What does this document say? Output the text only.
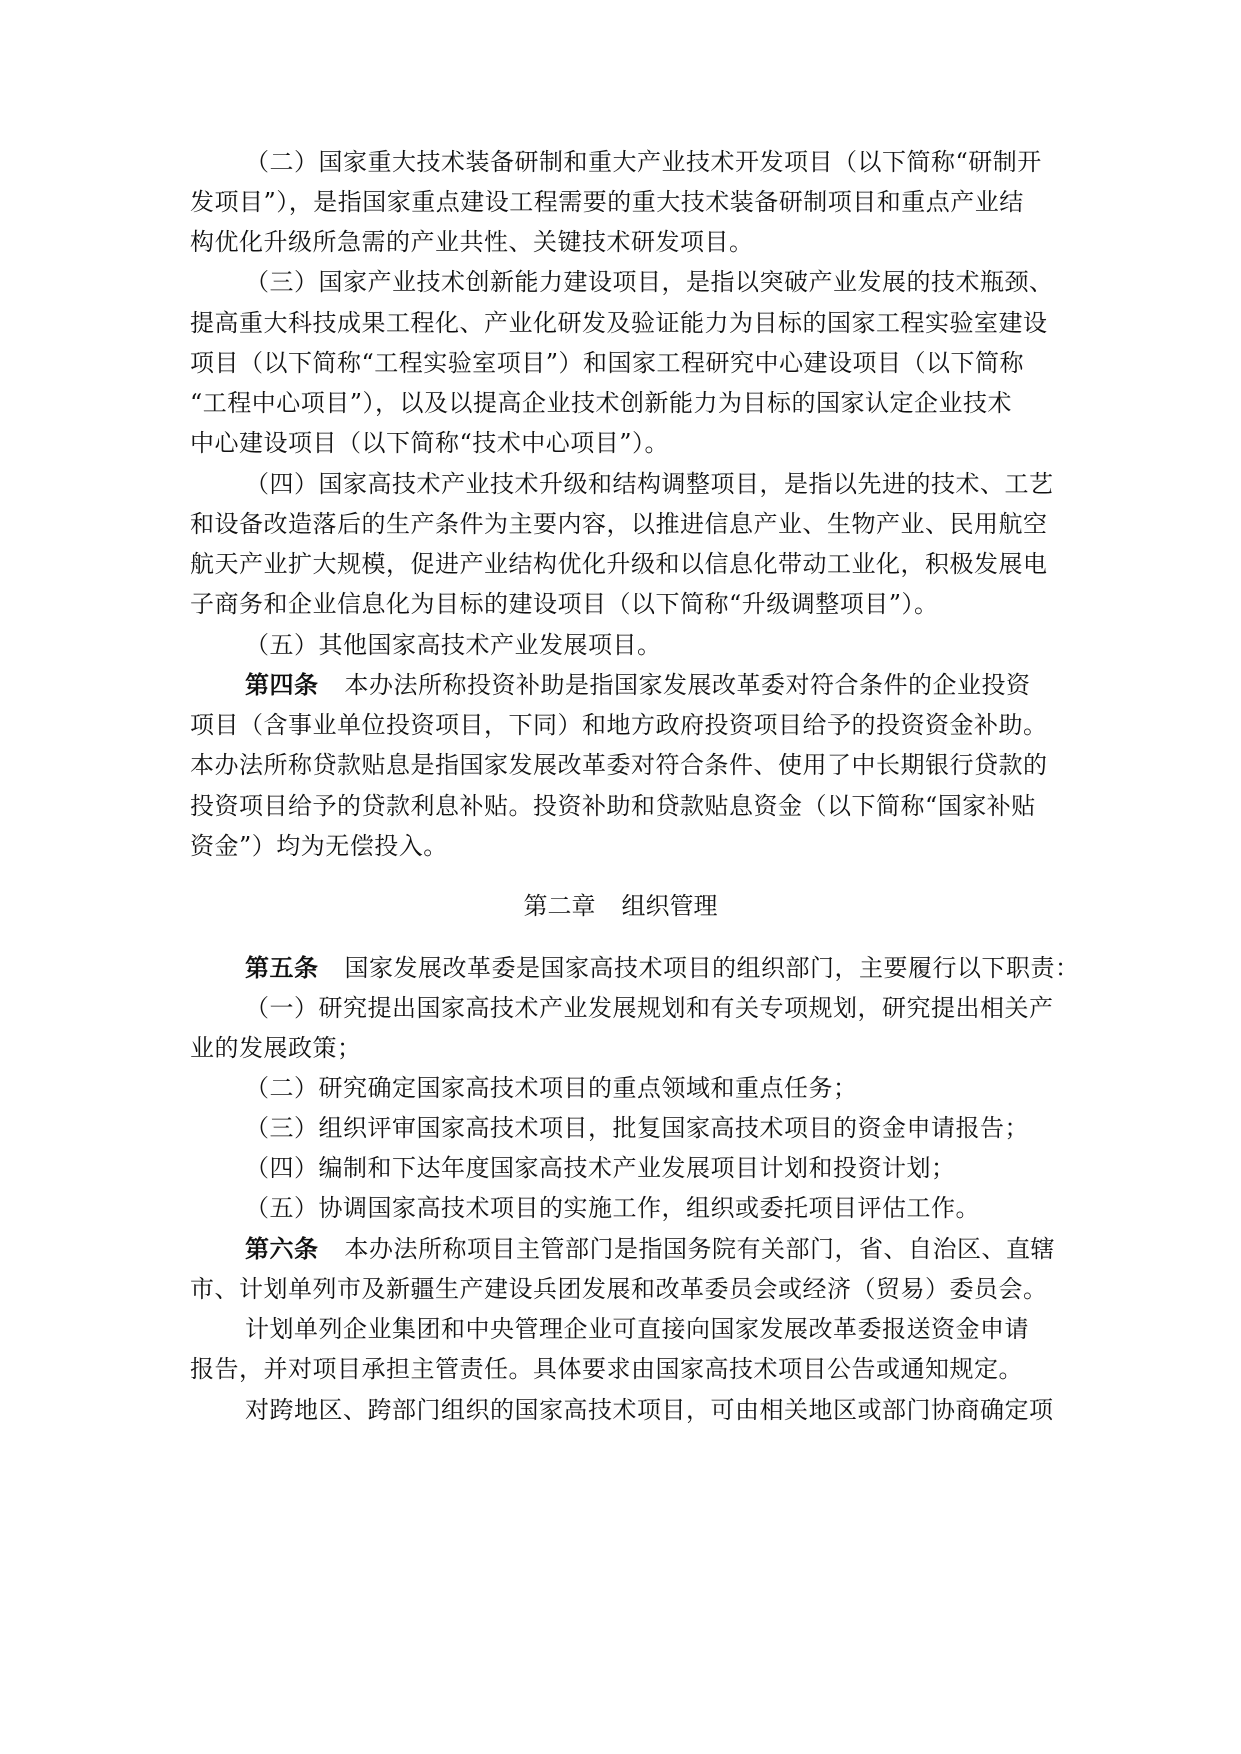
（二）国家重大技术装备研制和重大产业技术开发项目（以下简称“研制开
发项目”），是指国家重点建设工程需要的重大技术装备研制项目和重点产业结
构优化升级所急需的产业共性、关键技术研发项目。
（三）国家产业技术创新能力建设项目，是指以突破产业发展的技术瓶颈、
提高重大科技成果工程化、产业化研发及验证能力为目标的国家工程实验室建设
项目（以下简称“工程实验室项目”）和国家工程研究中心建设项目（以下简称
“工程中心项目”），以及以提高企业技术创新能力为目标的国家认定企业技术
中心建设项目（以下简称“技术中心项目”）。
（四）国家高技术产业技术升级和结构调整项目，是指以先进的技术、工艺
和设备改造落后的生产条件为主要内容，以推进信息产业、生物产业、民用航空
航天产业扩大规模，促进产业结构优化升级和以信息化带动工业化，积极发展电
子商务和企业信息化为目标的建设项目（以下简称“升级调整项目”）。
（五）其他国家高技术产业发展项目。
第四条 本办法所称投资补助是指国家发展改革委对符合条件的企业投资
项目（含事业单位投资项目，下同）和地方政府投资项目给予的投资资金补助。
本办法所称贷款贴息是指国家发展改革委对符合条件、使用了中长期银行贷款的
投资项目给予的贷款利息补贴。投资补助和贷款贴息资金（以下简称“国家补贴
资金”）均为无偿投入。
第二章 组织管理
第五条 国家发展改革委是国家高技术项目的组织部门，主要履行以下职责：
（一）研究提出国家高技术产业发展规划和有关专项规划，研究提出相关产
业的发展政策；
（二）研究确定国家高技术项目的重点领域和重点任务；
（三）组织评审国家高技术项目，批复国家高技术项目的资金申请报告；
（四）编制和下达年度国家高技术产业发展项目计划和投资计划；
（五）协调国家高技术项目的实施工作，组织或委托项目评估工作。
第六条 本办法所称项目主管部门是指国务院有关部门，省、自治区、直辖
市、计划单列市及新疆生产建设兵团发展和改革委员会或经济（贸易）委员会。
计划单列企业集团和中央管理企业可直接向国家发展改革委报送资金申请
报告，并对项目承担主管责任。具体要求由国家高技术项目公告或通知规定。
对跨地区、跨部门组织的国家高技术项目，可由相关地区或部门协商确定项
